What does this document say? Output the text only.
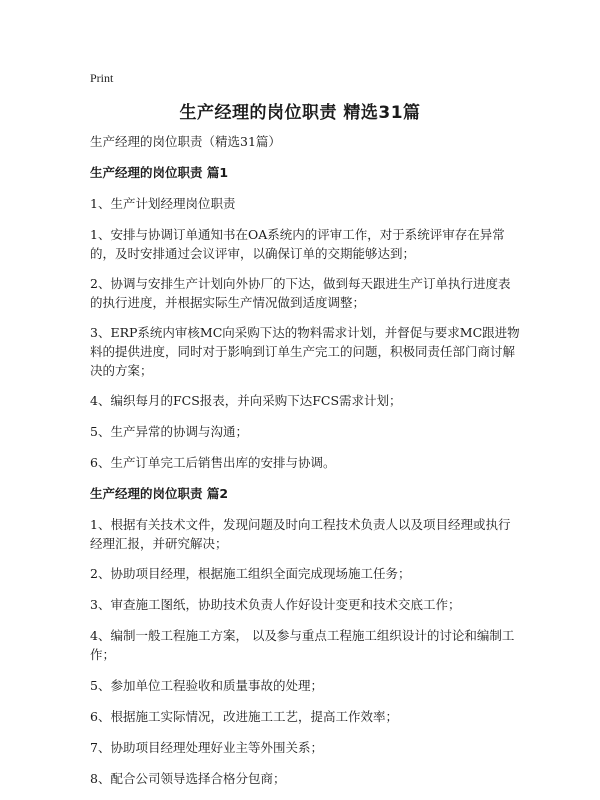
Print
生产经理的岗位职责 精选31篇
生产经理的岗位职责（精选31篇）
生产经理的岗位职责 篇1
1、生产计划经理岗位职责
1、安排与协调订单通知书在OA系统内的评审工作，对于系统评审存在异常的，及时安排通过会议评审，以确保订单的交期能够达到；
2、协调与安排生产计划向外协厂的下达，做到每天跟进生产订单执行进度表的执行进度，并根据实际生产情况做到适度调整；
3、ERP系统内审核MC向采购下达的物料需求计划，并督促与要求MC跟进物料的提供进度，同时对于影响到订单生产完工的问题，积极同责任部门商讨解决的方案；
4、编织每月的FCS报表，并向采购下达FCS需求计划；
5、生产异常的协调与沟通；
6、生产订单完工后销售出库的安排与协调。
生产经理的岗位职责 篇2
1、根据有关技术文件，发现问题及时向工程技术负责人以及项目经理或执行经理汇报，并研究解决；
2、协助项目经理，根据施工组织全面完成现场施工任务；
3、审查施工图纸，协助技术负责人作好设计变更和技术交底工作；
4、编制一般工程施工方案， 以及参与重点工程施工组织设计的讨论和编制工作；
5、参加单位工程验收和质量事故的处理；
6、根据施工实际情况，改进施工工艺，提高工作效率；
7、协助项目经理处理好业主等外围关系；
8、配合公司领导选择合格分包商；
